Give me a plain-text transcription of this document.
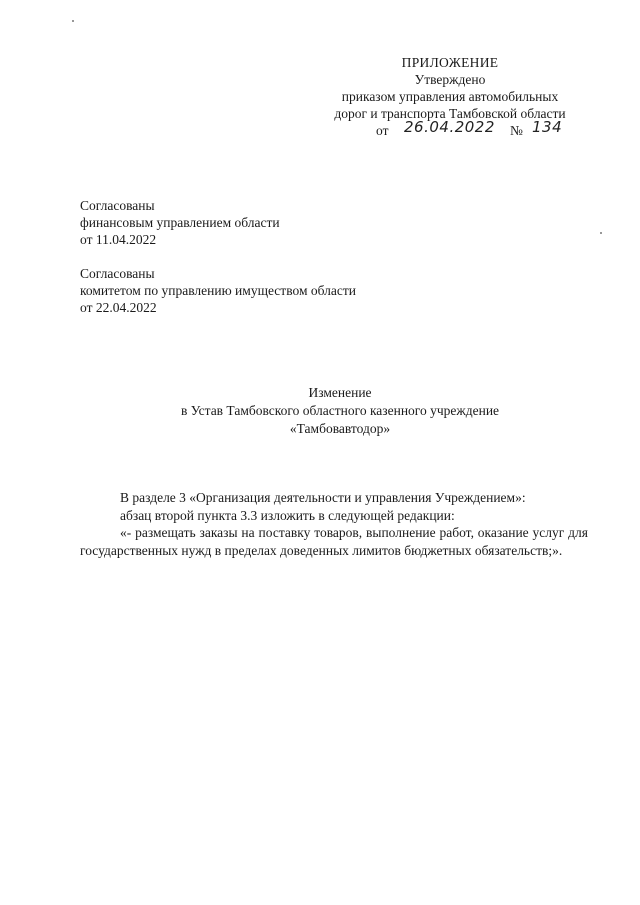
ПРИЛОЖЕНИЕ
Утверждено
приказом управления автомобильных
дорог и транспорта Тамбовской области
от 26.04.2022 № 134
Согласованы
финансовым управлением области
от 11.04.2022
Согласованы
комитетом по управлению имуществом области
от 22.04.2022
Изменение
в Устав Тамбовского областного казенного учреждение
«Тамбовавтодор»

В разделе 3 «Организация деятельности и управления Учреждением»:

абзац второй пункта 3.3 изложить в следующей редакции:

«- размещать заказы на поставку товаров, выполнение работ, оказание услуг для государственных нужд в пределах доведенных лимитов бюджетных обязательств;».
